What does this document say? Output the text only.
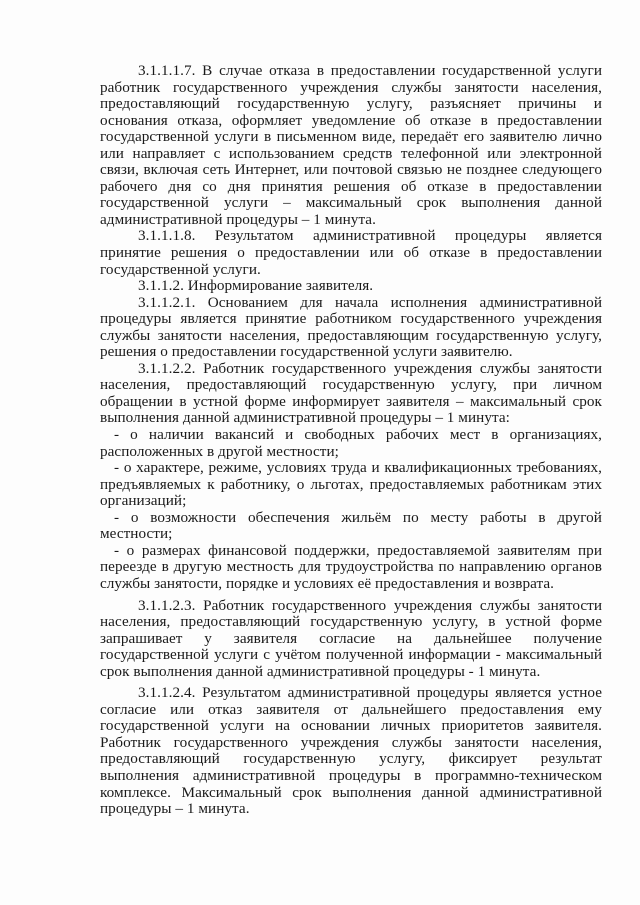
3.1.1.1.7. В случае отказа в предоставлении государственной услуги работник государственного учреждения службы занятости населения, предоставляющий государственную услугу, разъясняет причины и основания отказа, оформляет уведомление об отказе в предоставлении государственной услуги в письменном виде, передаёт его заявителю лично или направляет с использованием средств телефонной или электронной связи, включая сеть Интернет, или почтовой связью не позднее следующего рабочего дня со дня принятия решения об отказе в предоставлении государственной услуги – максимальный срок выполнения данной административной процедуры – 1 минута.

3.1.1.1.8. Результатом административной процедуры является принятие решения о предоставлении или об отказе в предоставлении государственной услуги.

3.1.1.2. Информирование заявителя.

3.1.1.2.1. Основанием для начала исполнения административной процедуры является принятие работником государственного учреждения службы занятости населения, предоставляющим государственную услугу, решения о предоставлении государственной услуги заявителю.

3.1.1.2.2. Работник государственного учреждения службы занятости населения, предоставляющий государственную услугу, при личном обращении в устной форме информирует заявителя – максимальный срок выполнения данной административной процедуры – 1 минута:

- о наличии вакансий и свободных рабочих мест в организациях, расположенных в другой местности;

- о характере, режиме, условиях труда и квалификационных требованиях, предъявляемых к работнику, о льготах, предоставляемых работникам этих организаций;

- о возможности обеспечения жильём по месту работы в другой местности;

- о размерах финансовой поддержки, предоставляемой заявителям при переезде в другую местность для трудоустройства по направлению органов службы занятости, порядке и условиях её предоставления и возврата.

3.1.1.2.3. Работник государственного учреждения службы занятости населения, предоставляющий государственную услугу, в устной форме запрашивает у заявителя согласие на дальнейшее получение государственной услуги с учётом полученной информации - максимальный срок выполнения данной административной процедуры - 1 минута.

3.1.1.2.4. Результатом административной процедуры является устное согласие или отказ заявителя от дальнейшего предоставления ему государственной услуги на основании личных приоритетов заявителя. Работник государственного учреждения службы занятости населения, предоставляющий государственную услугу, фиксирует результат выполнения административной процедуры в программно-техническом комплексе. Максимальный срок выполнения данной административной процедуры – 1 минута.
